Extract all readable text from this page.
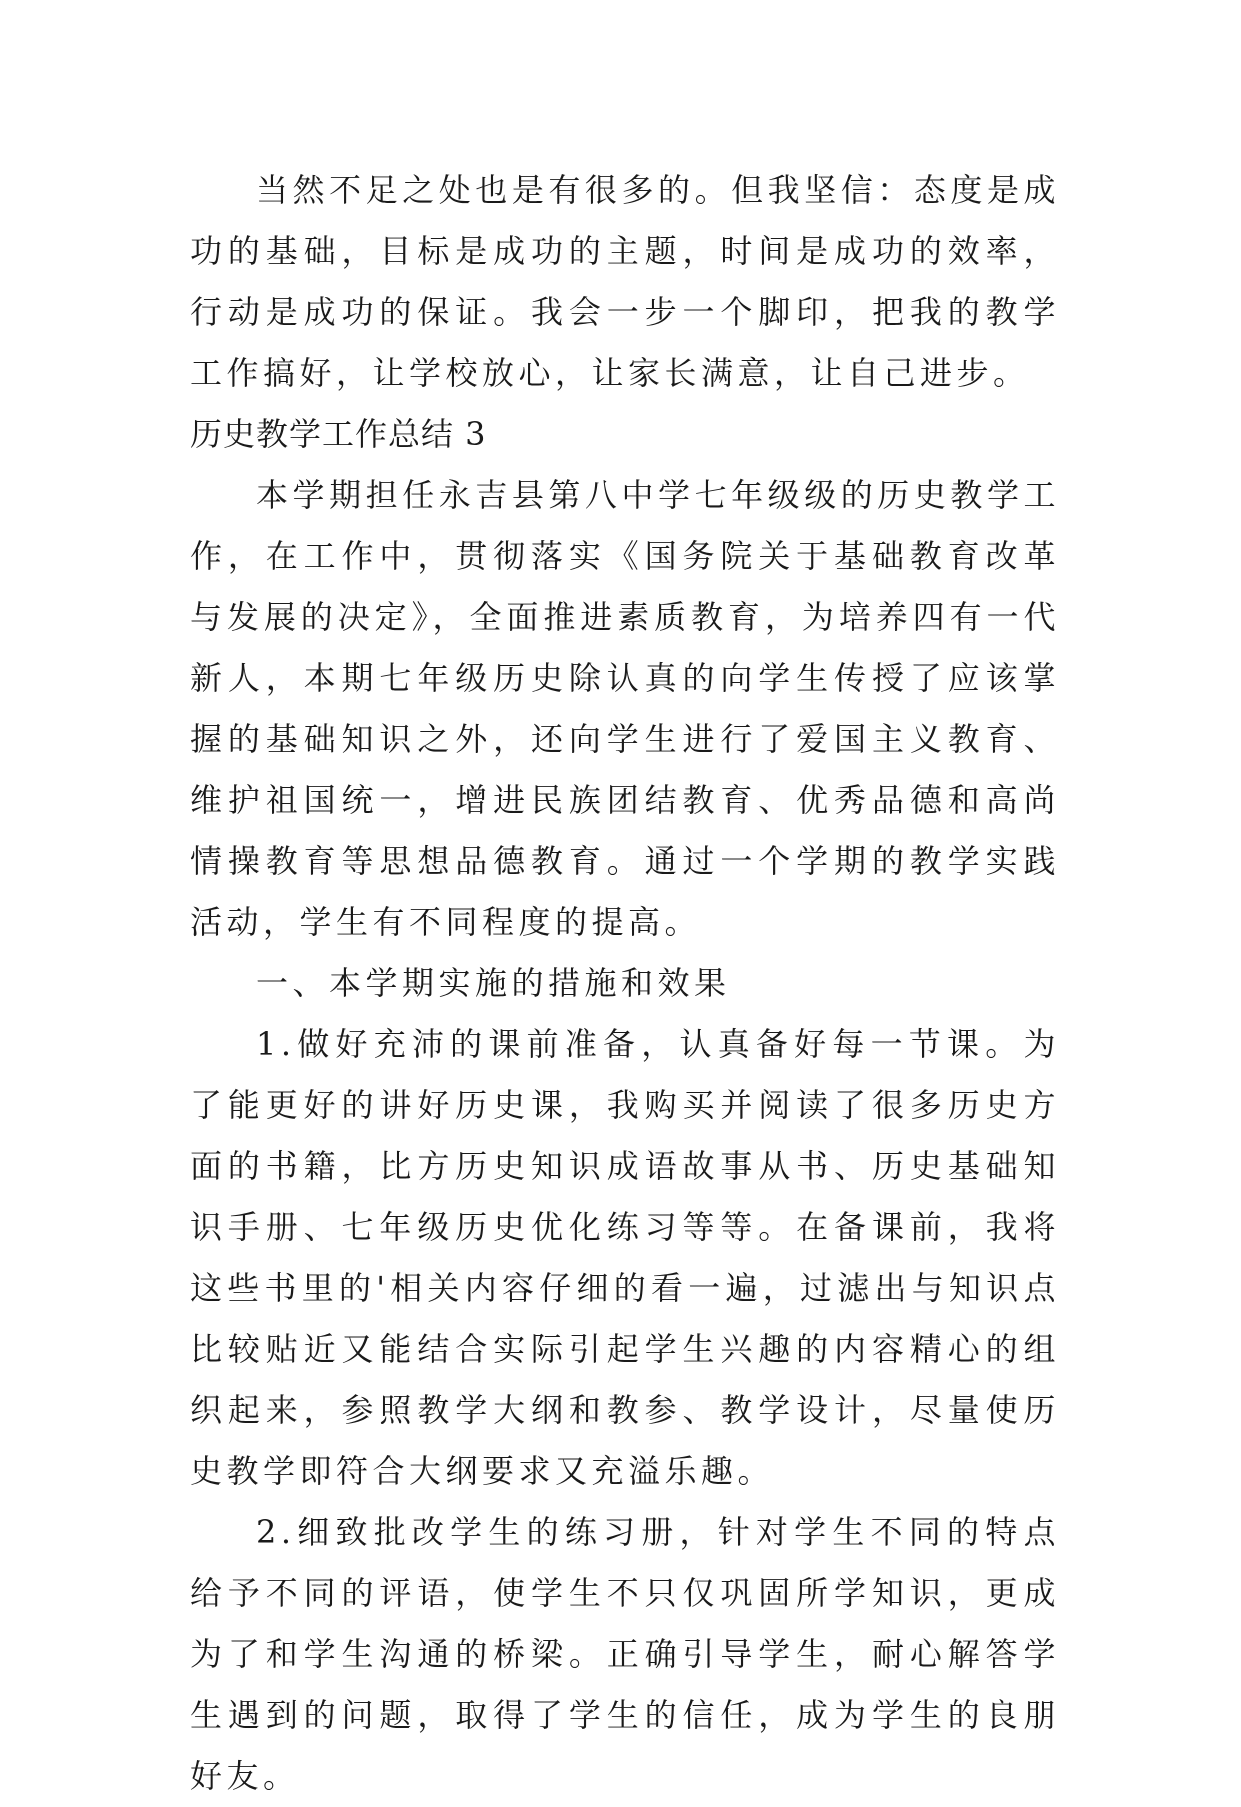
当然不足之处也是有很多的。但我坚信：态度是成功的基础，目标是成功的主题，时间是成功的效率，行动是成功的保证。我会一步一个脚印，把我的教学工作搞好，让学校放心，让家长满意，让自己进步。

历史教学工作总结 3

本学期担任永吉县第八中学七年级级的历史教学工作，在工作中，贯彻落实《国务院关于基础教育改革与发展的决定》，全面推进素质教育，为培养四有一代新人，本期七年级历史除认真的向学生传授了应该掌握的基础知识之外，还向学生进行了爱国主义教育、维护祖国统一，增进民族团结教育、优秀品德和高尚情操教育等思想品德教育。通过一个学期的教学实践活动，学生有不同程度的提高。

一、本学期实施的措施和效果

1.做好充沛的课前准备，认真备好每一节课。为了能更好的讲好历史课，我购买并阅读了很多历史方面的书籍，比方历史知识成语故事从书、历史基础知识手册、七年级历史优化练习等等。在备课前，我将这些书里的'相关内容仔细的看一遍，过滤出与知识点比较贴近又能结合实际引起学生兴趣的内容精心的组织起来，参照教学大纲和教参、教学设计，尽量使历史教学即符合大纲要求又充溢乐趣。

2.细致批改学生的练习册，针对学生不同的特点给予不同的评语，使学生不只仅巩固所学知识，更成为了和学生沟通的桥梁。正确引导学生，耐心解答学生遇到的问题，取得了学生的信任，成为学生的良朋好友。
